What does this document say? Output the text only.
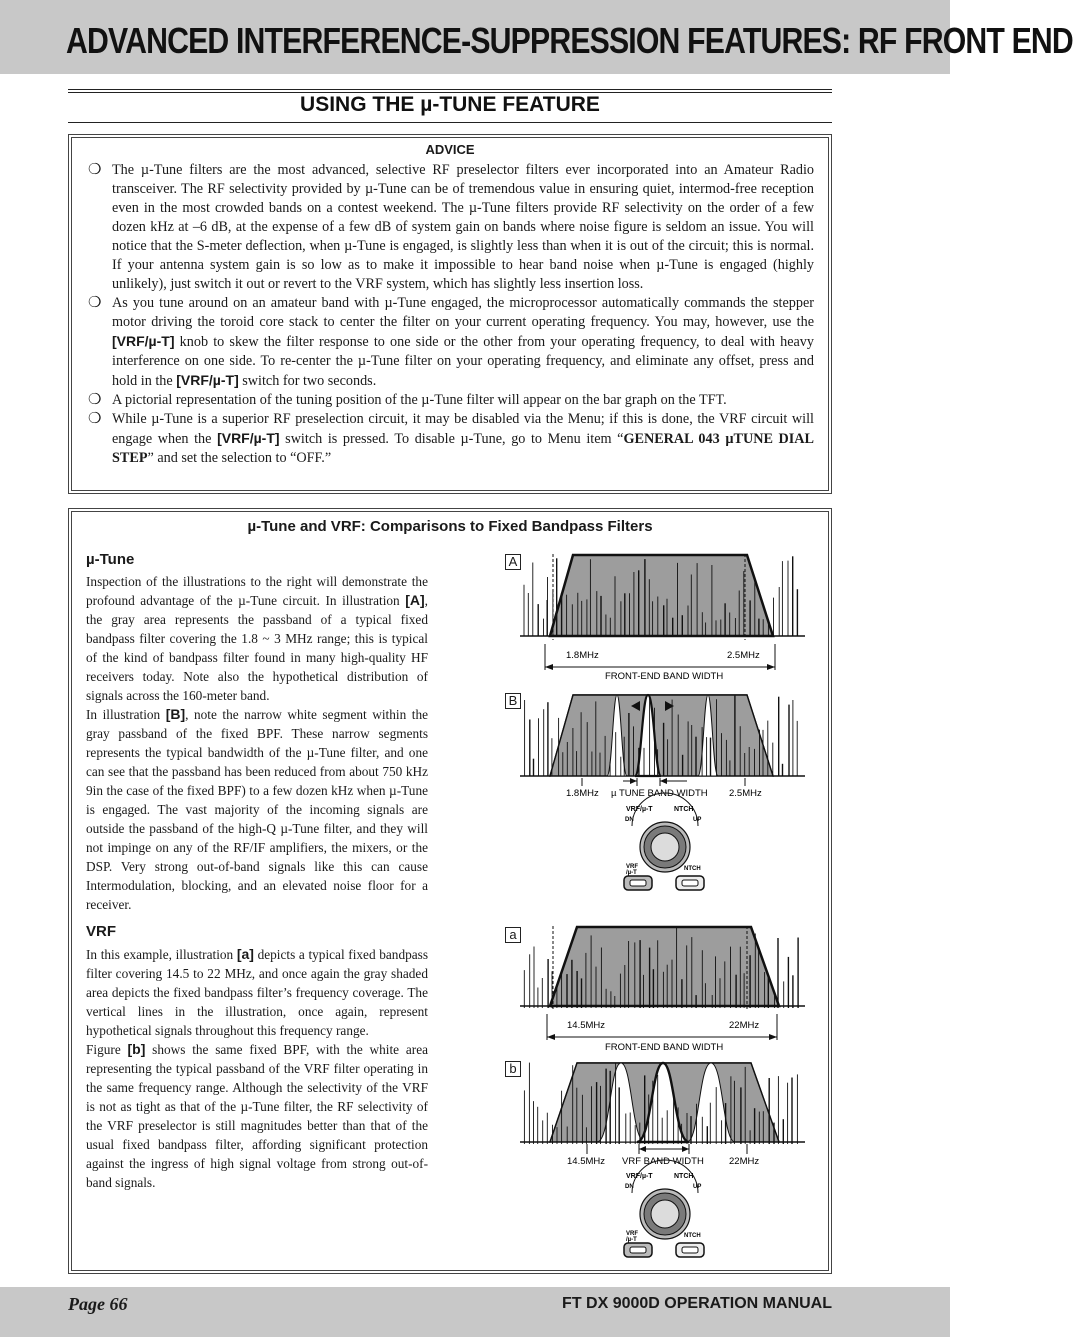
ADVANCED INTERFERENCE-SUPPRESSION FEATURES: RF FRONT END
USING THE µ-TUNE FEATURE
ADVICE
❍ The µ-Tune filters are the most advanced, selective RF preselector filters ever incorporated into an Amateur Radio transceiver. The RF selectivity provided by µ-Tune can be of tremendous value in ensuring quiet, intermod-free reception even in the most crowded bands on a contest weekend. The µ-Tune filters provide RF selectivity on the order of a few dozen kHz at –6 dB, at the expense of a few dB of system gain on bands where noise figure is seldom an issue. You will notice that the S-meter deflection, when µ-Tune is engaged, is slightly less than when it is out of the circuit; this is normal. If your antenna system gain is so low as to make it impossible to hear band noise when µ-Tune is engaged (highly unlikely), just switch it out or revert to the VRF system, which has slightly less insertion loss.
❍ As you tune around on an amateur band with µ-Tune engaged, the microprocessor automatically commands the stepper motor driving the toroid core stack to center the filter on your current operating frequency. You may, however, use the [VRF/µ-T] knob to skew the filter response to one side or the other from your operating frequency, to deal with heavy interference on one side. To re-center the µ-Tune filter on your operating frequency, and eliminate any offset, press and hold in the [VRF/µ-T] switch for two seconds.
❍ A pictorial representation of the tuning position of the µ-Tune filter will appear on the bar graph on the TFT.
❍ While µ-Tune is a superior RF preselection circuit, it may be disabled via the Menu; if this is done, the VRF circuit will engage when the [VRF/µ-T] switch is pressed. To disable µ-Tune, go to Menu item “GENERAL 043 µTUNE DIAL STEP” and set the selection to “OFF.”
µ-Tune and VRF: Comparisons to Fixed Bandpass Filters
µ-Tune

Inspection of the illustrations to the right will demonstrate the profound advantage of the µ-Tune circuit. In illustration [A], the gray area represents the passband of a typical fixed bandpass filter covering the 1.8 ~ 3 MHz range; this is typical of the kind of bandpass filter found in many high-quality HF receivers today. Note also the hypothetical distribution of signals across the 160-meter band.

In illustration [B], note the narrow white segment within the gray passband of the fixed BPF. These narrow segments represents the typical bandwidth of the µ-Tune filter, and one can see that the passband has been reduced from about 750 kHz 9in the case of the fixed BPF) to a few dozen kHz when µ-Tune is engaged. The vast majority of the incoming signals are outside the passband of the high-Q µ-Tune filter, and they will not impinge on any of the RF/IF amplifiers, the mixers, or the DSP. Very strong out-of-band signals like this can cause Intermodulation, blocking, and an elevated noise floor for a receiver.

VRF

In this example, illustration [a] depicts a typical fixed bandpass filter covering 14.5 to 22 MHz, and once again the gray shaded area depicts the fixed bandpass filter’s frequency coverage. The vertical lines in the illustration, once again, represent hypothetical signals throughout this frequency range.

Figure [b] shows the same fixed BPF, with the white area representing the typical passband of the VRF filter operating in the same frequency range. Although the selectivity of the VRF is not as tight as that of the µ-Tune filter, the RF selectivity of the VRF preselector is still magnitudes better than that of the usual fixed bandpass filter, affording significant protection against the ingress of high signal voltage from strong out-of-band signals.

A
B
a
b
1.8MHz	2.5MHz
FRONT-END BAND WIDTH
1.8MHz µ TUNE BAND WIDTH 2.5MHz
VRF/µ-T	NTCH
DN	UP
VRF
/µ-T
NTCH
14.5MHz	22MHz
FRONT-END BAND WIDTH
14.5MHz VRF BAND WIDTH	22MHz
VRF/µ-T	NTCH
DN	UP
VRF
/µ-T
NTCH
Page 66	FT DX 9000D OPERATION MANUAL
